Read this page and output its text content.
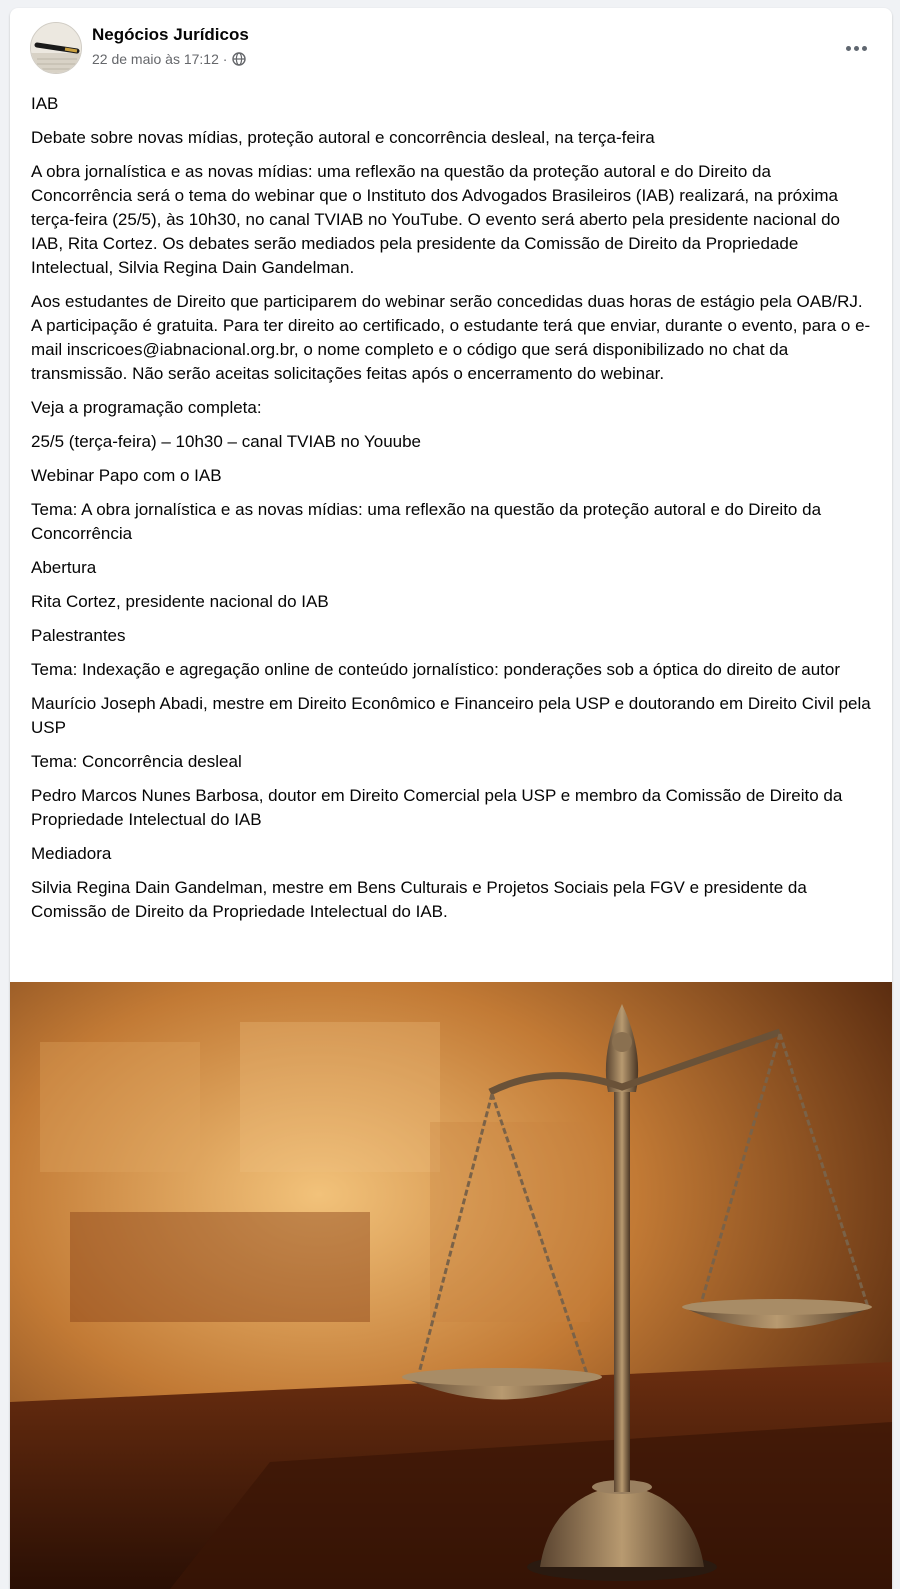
Negócios Jurídicos
22 de maio às 17:12 ·

IAB

Debate sobre novas mídias, proteção autoral e concorrência desleal, na terça-feira

A obra jornalística e as novas mídias: uma reflexão na questão da proteção autoral e do Direito da Concorrência será o tema do webinar que o Instituto dos Advogados Brasileiros (IAB) realizará, na próxima terça-feira (25/5), às 10h30, no canal TVIAB no YouTube. O evento será aberto pela presidente nacional do IAB, Rita Cortez. Os debates serão mediados pela presidente da Comissão de Direito da Propriedade Intelectual, Silvia Regina Dain Gandelman.

Aos estudantes de Direito que participarem do webinar serão concedidas duas horas de estágio pela OAB/RJ. A participação é gratuita. Para ter direito ao certificado, o estudante terá que enviar, durante o evento, para o e-mail inscricoes@iabnacional.org.br, o nome completo e o código que será disponibilizado no chat da transmissão. Não serão aceitas solicitações feitas após o encerramento do webinar.

Veja a programação completa:

25/5 (terça-feira) – 10h30 – canal TVIAB no Youube

Webinar Papo com o IAB

Tema: A obra jornalística e as novas mídias: uma reflexão na questão da proteção autoral e do Direito da Concorrência

Abertura

Rita Cortez, presidente nacional do IAB

Palestrantes

Tema: Indexação e agregação online de conteúdo jornalístico: ponderações sob a óptica do direito de autor

Maurício Joseph Abadi, mestre em Direito Econômico e Financeiro pela USP e doutorando em Direito Civil pela USP

Tema: Concorrência desleal

Pedro Marcos Nunes Barbosa, doutor em Direito Comercial pela USP e membro da Comissão de Direito da Propriedade Intelectual do IAB

Mediadora

Silvia Regina Dain Gandelman, mestre em Bens Culturais e Projetos Sociais pela FGV e presidente da Comissão de Direito da Propriedade Intelectual do IAB.
